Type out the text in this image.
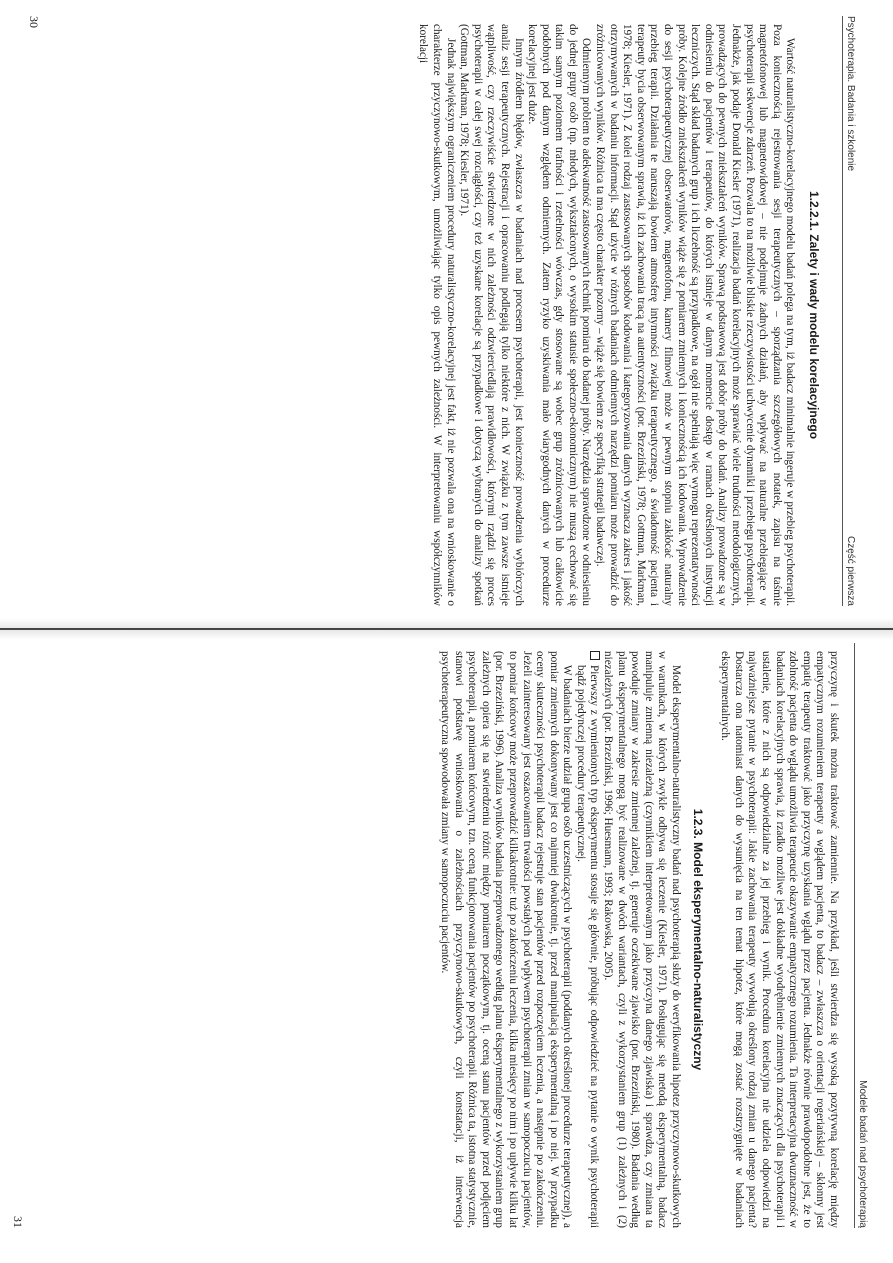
Psychoterapia. Badania i szkolenie
Część pierwsza
1.2.2.1. Zalety i wady modelu korelacyjnego

Wartość naturalistyczno-korelacyjnego modelu badań polega na tym, iż badacz minimalnie ingeruje w przebieg psychoterapii. Poza koniecznością rejestrowania sesji terapeutycznych – sporządzania szczegółowych notatek, zapisu na taśmie magnetofonowej lub magnetowidowej – nie podejmuje żadnych działań, aby wpływać na naturalne przebiegające w psychoterapii sekwencje zdarzeń. Pozwala to na możliwie bliskie rzeczywistości uchwycenie dynamiki i przebiegu psychoterapii. Jednakże, jak podaje Donald Kiesler (1971), realizacja badań korelacyjnych może sprawiać wiele trudności metodologicznych, prowadzących do pewnych zniekształceń wyników. Sprawą podstawową jest dobór próby do badań. Analizy prowadzone są w odniesieniu do pacjentów i terapeutów, do których istnieje w danym momencie dostęp w ramach określonych instytucji leczniczych. Stąd skład badanych grup i ich liczebność są przypadkowe, na ogół nie spełniają więc wymogu reprezentatywności próby. Kolejne źródło zniekształceń wyników wiąże się z pomiarem zmiennych i koniecznością ich kodowania. Wprowadzenie do sesji psychoterapeutycznej obserwatorów, magnetofonu, kamery filmowej może w pewnym stopniu zakłócać naturalny przebieg terapii. Działania te naruszają bowiem atmosferę intymności związku terapeutycznego, a świadomość pacjenta i terapeuty bycia obserwowanym sprawia, iż ich zachowania tracą na autentyczności (por. Brzeziński, 1978; Gottman, Markman, 1978; Kiesler, 1971). Z kolei rodzaj zastosowanych sposobów kodowania i kategoryzowania danych wyznacza zakres i jakość otrzymywanych w badaniu informacji. Stąd użycie w różnych badaniach odmiennych narzędzi pomiaru może prowadzić do zróżnicowanych wyników. Różnica ta ma często charakter pozorny – wiąże się bowiem ze specyfiką strategii badawczej.

Odmiennym problem to adekwatność zastosowanych technik pomiaru do badanej próby. Narzędzia sprawdzone w odniesieniu do jednej grupy osób (np. młodych, wykształconych, o wysokim statusie społeczno-ekonomicznym) nie muszą cechować się takim samym poziomem trafności i rzetelności wówczas, gdy stosowane są wobec grup zróżnicowanych lub całkowicie podobnych pod danym względem odmiennych. Zatem ryzyko uzyskiwania mało wiarygodnych danych w procedurze korelacyjnej jest duże.

Innym źródłem błędów, zwłaszcza w badaniach nad procesem psychoterapii, jest konieczność prowadzenia wybiórczych analiz sesji terapeutycznych. Rejestracji i opracowaniu podlegają tylko niektóre z nich. W związku z tym zawsze istnieje wątpliwość, czy rzeczywiście stwierdzone w nich zależności odzwierciedlają prawidłowości, którymi rządzi się proces psychoterapii w całej swej rozciągłości, czy też uzyskane korelacje są przypadkowe i dotyczą wybranych do analizy spotkań (Gottman, Markman, 1978; Kiesler, 1971).

Jednak największym ograniczeniem procedury naturalistyczno-korelacyjnej jest fakt, iż nie pozwala ona na wnioskowanie o charakterze przyczynowo-skutkowym, umożliwiając tylko opis pewnych zależności. W interpretowaniu współczynników korelacji

30
Modele badań nad psychoterapią

przyczynę i skutek można traktować zamiennie. Na przykład, jeśli stwierdza się wysoką pozytywną korelację między empatycznym rozumieniem terapeuty a wglądem pacjenta, to badacz – zwłaszcza o orientacji rogeriańskiej – skłonny jest empatię terapeuty traktować jako przyczynę uzyskania wglądu przez pacjenta. Jednakże równie prawdopodobne jest, że to zdolność pacjenta do wglądu umożliwia terapeucie okazywanie empatycznego rozumienia. Ta interpretacyjna dwuznaczność w badaniach korelacyjnych sprawia, iż rzadko możliwe jest dokładne wyodrębnienie zmiennych znaczących dla psychoterapii i ustalenie, które z nich są odpowiedzialne za jej przebieg i wynik. Procedura korelacyjna nie udziela odpowiedzi na najważniejsze pytanie w psychoterapii: Jakie zachowania terapeuty wywołują określony rodzaj zmian u danego pacjenta? Dostarcza ona natomiast danych do wysunięcia na ten temat hipotez, które mogą zostać rozstrzygnięte w badaniach eksperymentalnych.

1.2.3. Model eksperymentalno-naturalistyczny

Model eksperymentalno-naturalistyczny badań nad psychoterapią służy do weryfikowania hipotez przyczynowo-skutkowych w warunkach, w których zwykle odbywa się leczenie (Kiesler, 1971). Posługując się metodą eksperymentalną, badacz manipuluje zmienną niezależną (czynnikiem interpretowanym jako przyczyna danego zjawiska) i sprawdza, czy zmiana ta powoduje zmiany w zakresie zmiennej zależnej, tj. generuje oczekiwane zjawisko (por. Brzeziński, 1980). Badania według planu eksperymentalnego mogą być realizowane w dwóch wariantach, czyli z wykorzystaniem grup (1) zależnych i (2) niezależnych (por. Brzeziński, 1996; Huesmann, 1993; Rakowska, 2005).

Pierwszy z wymienionych typ eksperymentu stosuje się głównie, próbując odpowiedzieć na pytanie o wynik psychoterapii bądź pojedynczej procedury terapeutycznej.

W badaniach bierze udział grupa osób uczestniczących w psychoterapii (poddanych określonej procedurze terapeutycznej), a pomiar zmiennych dokonywany jest co najmniej dwukrotnie, tj. przed manipulacją eksperymentalną i po niej. W przypadku oceny skuteczności psychoterapii badacz rejestruje stan pacjentów przed rozpoczęciem leczenia, a następnie po zakończeniu. Jeżeli zainteresowany jest oszacowaniem trwałości powstałych pod wpływem psychoterapii zmian w samopoczuciu pacjentów, to pomiar końcowy może przeprowadzić kilkakrotnie: tuż po zakończeniu leczenia, kilka miesięcy po nim i po upływie kilku lat (por. Brzeziński, 1996). Analiza wyników badania przeprowadzonego według planu eksperymentalnego z wykorzystaniem grup zależnych opiera się na stwierdzeniu różnic między pomiarem początkowym, tj. oceną stanu pacjentów przed podjęciem psychoterapii, a pomiarem końcowym, tzn. oceną funkcjonowania pacjentów po psychoterapii. Różnica ta, istotna statystycznie, stanowi podstawę wnioskowania o zależnościach przyczynowo-skutkowych, czyli konstatacji, iż interwencja psychoterapeutyczna spowodowała zmiany w samopoczuciu pacjentów.

31
